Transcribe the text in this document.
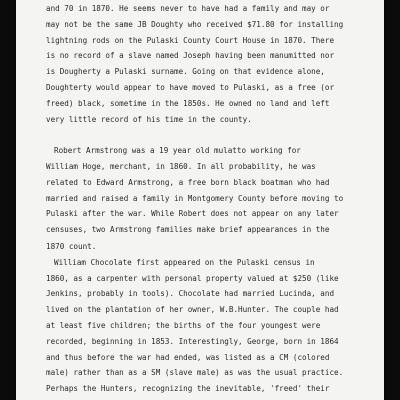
and 70 in 1870. He seems never to have had a family and may or
may not be the same JB Doughty who received $71.80 for installing
lightning rods on the Pulaski County Court House in 1870. There
is no record of a slave named Joseph having been manumitted nor
is Dougherty a Pulaski surname. Going on that evidence alone,
Doughterty would appear to have moved to Pulaski, as a free (or
freed) black, sometime in the 1850s. He owned no land and left
very little record of his time in the county.
Robert Armstrong was a 19 year old mulatto working for
William Hoge, merchant, in 1860. In all probability, he was
related to Edward Armstrong, a free born black boatman who had
married and raised a family in Montgomery County before moving to
Pulaski after the war. While Robert does not appear on any later
censuses, two Armstrong families make brief appearances in the
1870 count.
William Chocolate first appeared on the Pulaski census in
1860, as a carpenter with personal property valued at $250 (like
Jenkins, probably in tools). Chocolate had married Lucinda, and
lived on the plantation of her owner, W.B.Hunter. The couple had
at least five children; the births of the four youngest were
recorded, beginning in 1853. Interestingly, George, born in 1864
and thus before the war had ended, was listed as a CM (colored
male) rather than as a SM (slave male) as was the usual practice.
Perhaps the Hunters, recognizing the inevitable, 'freed' their
